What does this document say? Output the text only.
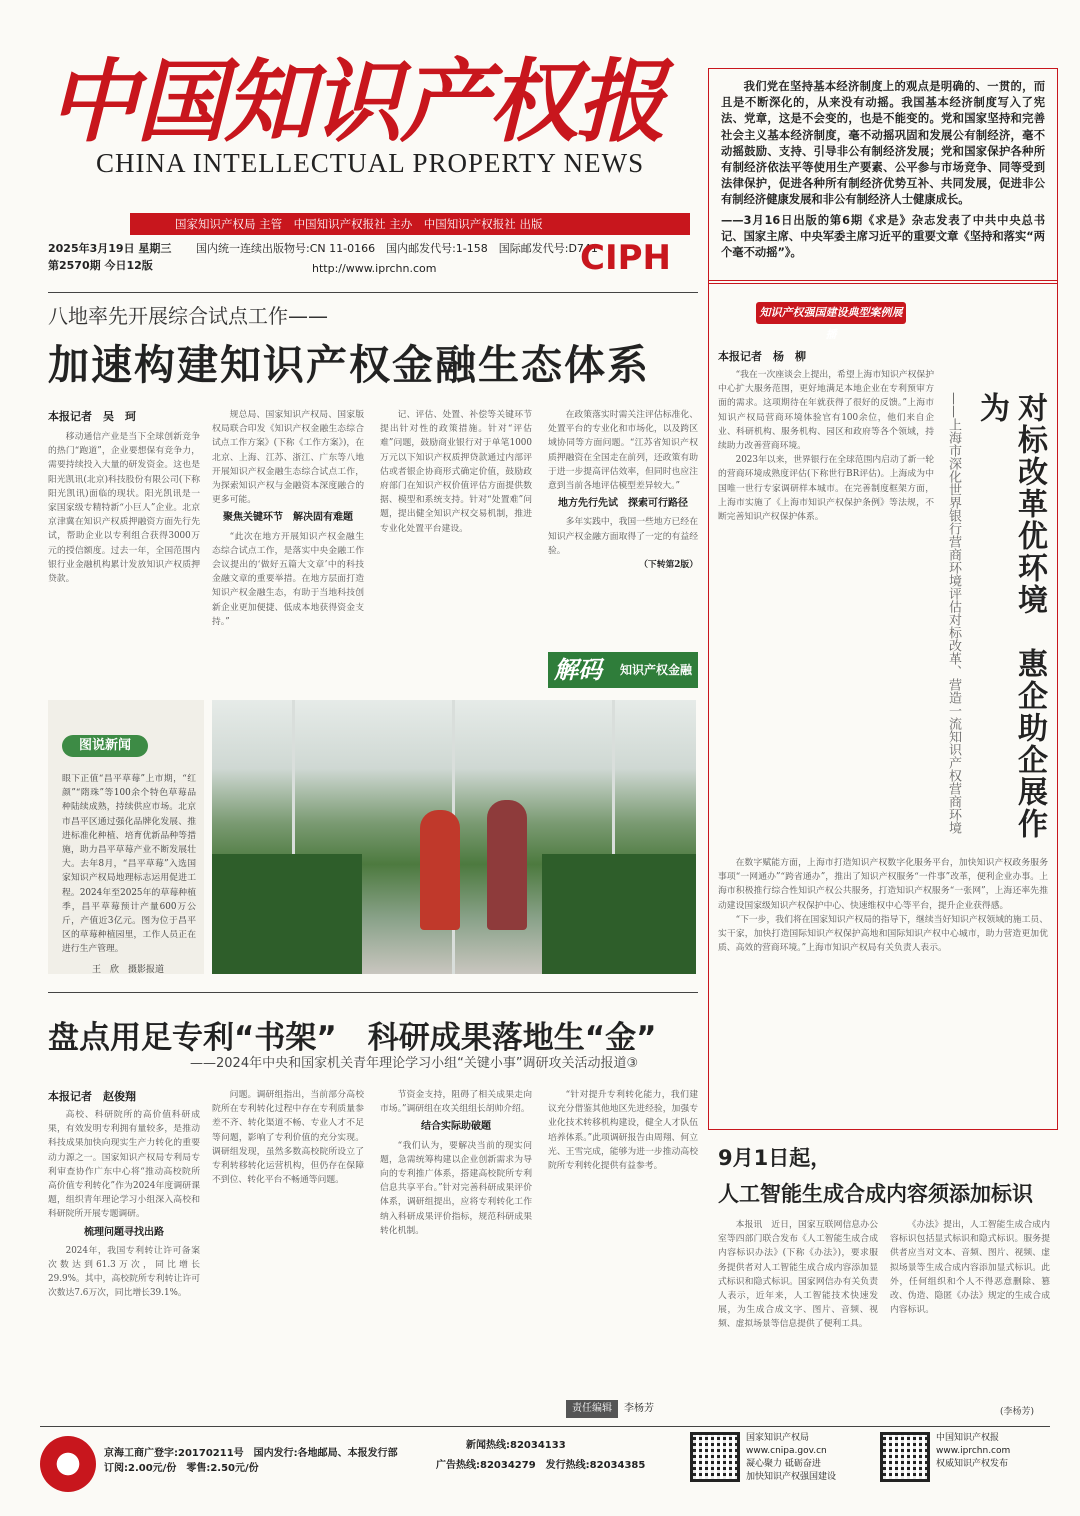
中国知识产权报
CHINA INTELLECTUAL PROPERTY NEWS
国家知识产权局 主管　中国知识产权报社 主办　中国知识产权报社 出版
2025年3月19日 星期三
第2570期 今日12版
国内统一连续出版物号:CN 11-0166　国内邮发代号:1-158　国际邮发代号:D741
http://www.iprchn.com	CIPH
我们党在坚持基本经济制度上的观点是明确的、一贯的，而且是不断深化的，从来没有动摇。我国基本经济制度写入了宪法、党章，这是不会变的，也是不能变的。党和国家坚持和完善社会主义基本经济制度，毫不动摇巩固和发展公有制经济，毫不动摇鼓励、支持、引导非公有制经济发展；党和国家保护各种所有制经济依法平等使用生产要素、公平参与市场竞争、同等受到法律保护，促进各种所有制经济优势互补、共同发展，促进非公有制经济健康发展和非公有制经济人士健康成长。
——3月16日出版的第6期《求是》杂志发表了中共中央总书记、国家主席、中央军委主席习近平的重要文章《坚持和落实“两个毫不动摇”》。
八地率先开展综合试点工作——
加速构建知识产权金融生态体系
本报记者　吴　珂

移动通信产业是当下全球创新竞争的热门“跑道”，企业要想保有竞争力，需要持续投入大量的研发资金。这也是阳光凯讯(北京)科技股份有限公司(下称阳光凯讯)面临的现状。阳光凯讯是一家国家级专精特新“小巨人”企业。北京京津冀在知识产权质押融资方面先行先试，帮助企业以专利组合获得3000万元的授信额度。过去一年，全国范围内银行业金融机构累计发放知识产权质押贷款。

规总局、国家知识产权局、国家版权局联合印发《知识产权金融生态综合试点工作方案》(下称《工作方案》)，在北京、上海、江苏、浙江、广东等八地开展知识产权金融生态综合试点工作，为探索知识产权与金融资本深度融合的更多可能。

聚焦关键环节　解决固有难题

“此次在地方开展知识产权金融生态综合试点工作，是落实中央金融工作会议提出的‘做好五篇大文章’中的科技金融文章的重要举措。在地方层面打造知识产权金融生态，有助于当地科技创新企业更加便捷、低成本地获得资金支持。”

记、评估、处置、补偿等关键环节提出针对性的政策措施。针对“评估难”问题，鼓励商业银行对于单笔1000万元以下知识产权质押贷款通过内部评估或者银企协商形式确定价值，鼓励政府部门在知识产权价值评估方面提供数据、模型和系统支持。针对“处置难”问题，提出健全知识产权交易机制，推进专业化处置平台建设。

在政策落实时需关注评估标准化、处置平台的专业化和市场化，以及跨区域协同等方面问题。“江苏省知识产权质押融资在全国走在前列，还政策有助于进一步提高评估效率，但同时也应注意到当前各地评估模型差异较大。”

地方先行先试　探索可行路径

多年实践中，我国一些地方已经在知识产权金融方面取得了一定的有益经验。

（下转第2版）
解码 知识产权金融
图说新闻
眼下正值“昌平草莓”上市期，“红颜”“隋珠”等100余个特色草莓品种陆续成熟，持续供应市场。北京市昌平区通过强化品牌化发展、推进标准化种植、培育优新品种等措施，助力昌平草莓产业不断发展壮大。去年8月，“昌平草莓”入选国家知识产权局地理标志运用促进工程。2024年至2025年的草莓种植季，昌平草莓预计产量600万公斤，产值近3亿元。图为位于昌平区的草莓种植园里，工作人员正在进行生产管理。
王　欣　摄影报道
盘点用足专利“书架”　科研成果落地生“金”
——2024年中央和国家机关青年理论学习小组“关键小事”调研攻关活动报道③
本报记者　赵俊翔

高校、科研院所的高价值科研成果，有效发明专利拥有量较多，是推动科技成果加快向现实生产力转化的重要动力源之一。国家知识产权局专利局专利审查协作广东中心将“推动高校院所高价值专利转化”作为2024年度调研课题，组织青年理论学习小组深入高校和科研院所开展专题调研。

梳理问题寻找出路

2024年，我国专利转让许可备案次数达到61.3万次，同比增长29.9%。其中，高校院所专利转让许可次数达7.6万次，同比增长39.1%。

问题。调研组指出，当前部分高校院所在专利转化过程中存在专利质量参差不齐、转化渠道不畅、专业人才不足等问题，影响了专利价值的充分实现。调研组发现，虽然多数高校院所设立了专利转移转化运营机构，但仍存在保障不到位、转化平台不畅通等问题。

节资金支持，阻碍了相关成果走向市场。”调研组在攻关组组长胡帅介绍。

结合实际助破题

“我们认为，要解决当前的现实问题，急需统筹构建以企业创新需求为导向的专利推广体系，搭建高校院所专利信息共享平台。”针对完善科研成果评价体系，调研组提出，应将专利转化工作纳入科研成果评价指标，规范科研成果转化机制。

“针对提升专利转化能力，我们建议充分借鉴其他地区先进经验，加强专业化技术转移机构建设，健全人才队伍培养体系。”此项调研报告由周翔、何立光、王雪完成，能够为进一步推动高校院所专利转化提供有益参考。

责任编辑 李杨芳
知识产权强国建设典型案例展播
本报记者　杨　柳
对标改革优环境　惠企助企展作为
——上海市深化世界银行营商环境评估对标改革、营造一流知识产权营商环境

“我在一次座谈会上提出，希望上海市知识产权保护中心扩大服务范围，更好地满足本地企业在专利预审方面的需求。这项期待在年就获得了很好的反馈。”上海市知识产权局营商环境体验官有100余位，他们来自企业、科研机构、服务机构、园区和政府等各个领域，持续助力改善营商环境。

2023年以来，世界银行在全球范围内启动了新一轮的营商环境成熟度评估(下称世行BR评估)。上海成为中国唯一世行专家调研样本城市。在完善制度框架方面，上海市实施了《上海市知识产权保护条例》等法规，不断完善知识产权保护体系。

在数字赋能方面，上海市打造知识产权数字化服务平台，加快知识产权政务服务事项“一网通办”“跨省通办”，推出了知识产权服务“一件事”改革，便利企业办事。上海市积极推行综合性知识产权公共服务，打造知识产权服务“一张网”，上海还率先推动建设国家级知识产权保护中心、快速维权中心等平台，提升企业获得感。

“下一步，我们将在国家知识产权局的指导下，继续当好知识产权领域的施工员、实干家，加快打造国际知识产权保护高地和国际知识产权中心城市，助力营造更加优质、高效的营商环境。”上海市知识产权局有关负责人表示。

9月1日起，
人工智能生成合成内容须添加标识

本报讯　近日，国家互联网信息办公室等四部门联合发布《人工智能生成合成内容标识办法》(下称《办法》)，要求服务提供者对人工智能生成合成内容添加显式标识和隐式标识。国家网信办有关负责人表示，近年来，人工智能技术快速发展，为生成合成文字、图片、音频、视频、虚拟场景等信息提供了便利工具。

《办法》提出，人工智能生成合成内容标识包括显式标识和隐式标识。服务提供者应当对文本、音频、图片、视频、虚拟场景等生成合成内容添加显式标识。此外，任何组织和个人不得恶意删除、篡改、伪造、隐匿《办法》规定的生成合成内容标识。

(李杨芳)
京海工商广登字:20170211号　国内发行:各地邮局、本报发行部
订阅:2.00元/份　零售:2.50元/份
新闻热线:82034133
广告热线:82034279　发行热线:82034385
国家知识产权局
www.cnipa.gov.cn
凝心聚力 砥砺奋进
加快知识产权强国建设
中国知识产权报
www.iprchn.com
权威知识产权发布
